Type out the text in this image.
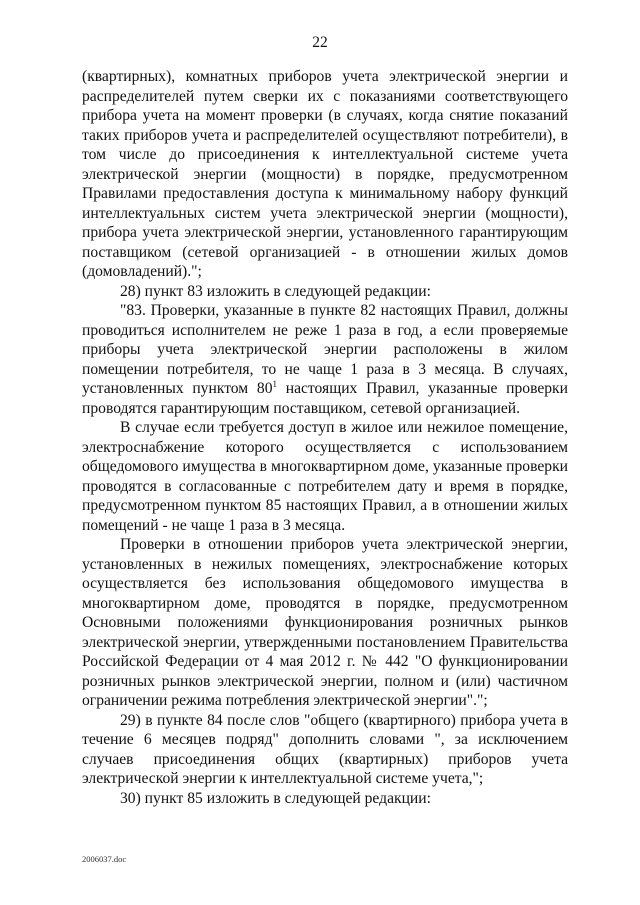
22

(квартирных), комнатных приборов учета электрической энергии и распределителей путем сверки их с показаниями соответствующего прибора учета на момент проверки (в случаях, когда снятие показаний таких приборов учета и распределителей осуществляют потребители), в том числе до присоединения к интеллектуальной системе учета электрической энергии (мощности) в порядке, предусмотренном Правилами предоставления доступа к минимальному набору функций интеллектуальных систем учета электрической энергии (мощности), прибора учета электрической энергии, установленного гарантирующим поставщиком (сетевой организацией - в отношении жилых домов (домовладений).";

28) пункт 83 изложить в следующей редакции:

"83. Проверки, указанные в пункте 82 настоящих Правил, должны проводиться исполнителем не реже 1 раза в год, а если проверяемые приборы учета электрической энергии расположены в жилом помещении потребителя, то не чаще 1 раза в 3 месяца. В случаях, установленных пунктом $80^1$ настоящих Правил, указанные проверки проводятся гарантирующим поставщиком, сетевой организацией.

В случае если требуется доступ в жилое или нежилое помещение, электроснабжение которого осуществляется с использованием общедомового имущества в многоквартирном доме, указанные проверки проводятся в согласованные с потребителем дату и время в порядке, предусмотренном пунктом 85 настоящих Правил, а в отношении жилых помещений - не чаще 1 раза в 3 месяца.

Проверки в отношении приборов учета электрической энергии, установленных в нежилых помещениях, электроснабжение которых осуществляется без использования общедомового имущества в многоквартирном доме, проводятся в порядке, предусмотренном Основными положениями функционирования розничных рынков электрической энергии, утвержденными постановлением Правительства Российской Федерации от 4 мая 2012 г. № 442 "О функционировании розничных рынков электрической энергии, полном и (или) частичном ограничении режима потребления электрической энергии".";

29) в пункте 84 после слов "общего (квартирного) прибора учета в течение 6 месяцев подряд" дополнить словами ", за исключением случаев присоединения общих (квартирных) приборов учета электрической энергии к интеллектуальной системе учета,";

30) пункт 85 изложить в следующей редакции:

2006037.doc
